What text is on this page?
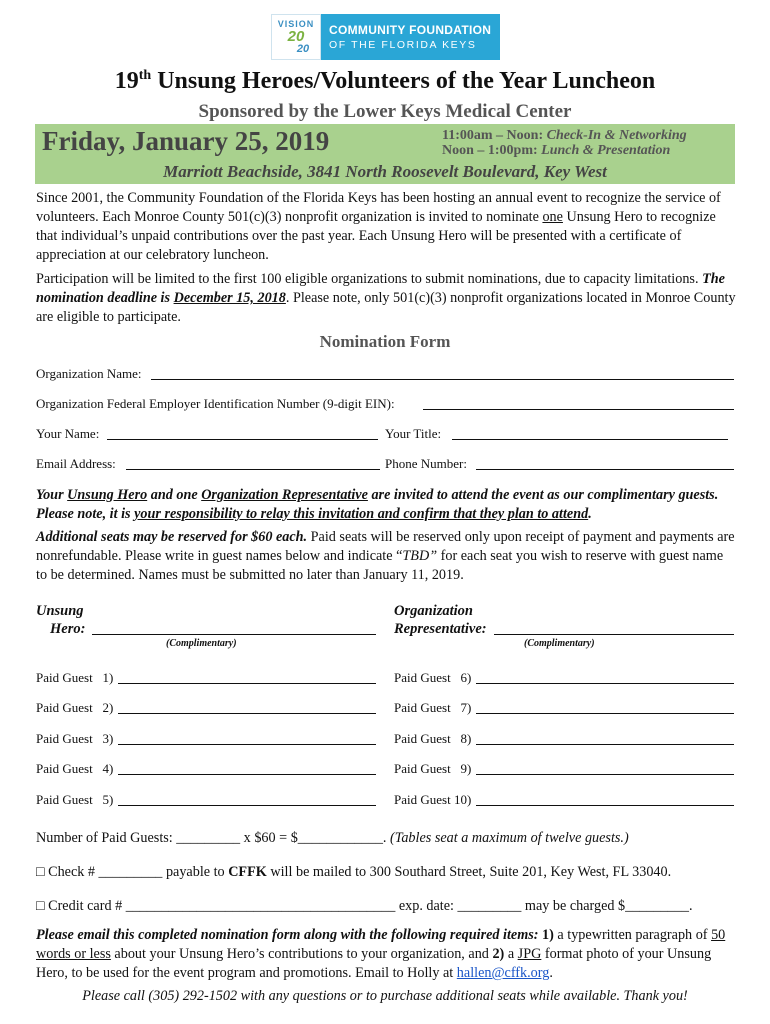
VISION
20
20
COMMUNITY FOUNDATION
OF THE FLORIDA KEYS
19th Unsung Heroes/Volunteers of the Year Luncheon
Sponsored by the Lower Keys Medical Center
Friday, January 25, 2019	11:00am – Noon: Check-In & Networking
Noon – 1:00pm: Lunch & Presentation
Marriott Beachside, 3841 North Roosevelt Boulevard, Key West
Since 2001, the Community Foundation of the Florida Keys has been hosting an annual event to recognize the service of volunteers. Each Monroe County 501(c)(3) nonprofit organization is invited to nominate one Unsung Hero to recognize that individual’s unpaid contributions over the past year. Each Unsung Hero will be presented with a certificate of appreciation at our celebratory luncheon.
Participation will be limited to the first 100 eligible organizations to submit nominations, due to capacity limitations. The nomination deadline is December 15, 2018. Please note, only 501(c)(3) nonprofit organizations located in Monroe County are eligible to participate.
Nomination Form
Organization Name:
Organization Federal Employer Identification Number (9-digit EIN):
Your Name:	Your Title:
Email Address:	Phone Number:
Your Unsung Hero and one Organization Representative are invited to attend the event as our complimentary guests. Please note, it is your responsibility to relay this invitation and confirm that they plan to attend.
Additional seats may be reserved for $60 each. Paid seats will be reserved only upon receipt of payment and payments are nonrefundable. Please write in guest names below and indicate “TBD” for each seat you wish to reserve with guest name to be determined. Names must be submitted no later than January 11, 2019.
Unsung
Hero:
(Complimentary)
Organization
Representative:
(Complimentary)
Paid Guest   1)	Paid Guest   6)
Paid Guest   2)	Paid Guest   7)
Paid Guest   3)	Paid Guest   8)
Paid Guest   4)	Paid Guest   9)
Paid Guest   5)	Paid Guest 10)
Number of Paid Guests: _________ x $60 = $____________. (Tables seat a maximum of twelve guests.)
□ Check # _________ payable to CFFK will be mailed to 300 Southard Street, Suite 201, Key West, FL 33040.
□ Credit card # ______________________________________ exp. date: _________ may be charged $_________.
Please email this completed nomination form along with the following required items: 1) a typewritten paragraph of 50 words or less about your Unsung Hero’s contributions to your organization, and 2) a JPG format photo of your Unsung Hero, to be used for the event program and promotions. Email to Holly at hallen@cffk.org.
Please call (305) 292-1502 with any questions or to purchase additional seats while available. Thank you!
